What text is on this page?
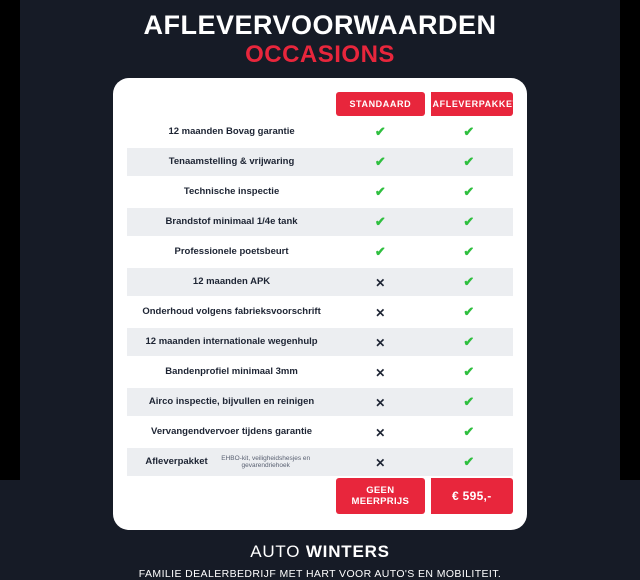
AFLEVERVOORWAARDEN
OCCASIONS
	STANDAARD	AFLEVERPAKKET
12 maanden Bovag garantie	✔	✔
Tenaamstelling & vrijwaring	✔	✔
Technische inspectie	✔	✔
Brandstof minimaal 1/4e tank	✔	✔
Professionele poetsbeurt	✔	✔
12 maanden APK	✕	✔
Onderhoud volgens fabrieksvoorschrift	✕	✔
12 maanden internationale wegenhulp	✕	✔
Bandenprofiel minimaal 3mm	✕	✔
Airco inspectie, bijvullen en reinigen	✕	✔
Vervangendvervoer tijdens garantie	✕	✔

Afleverpakket EHBO-kit, veiligheidshesjes en gevarendriehoek	✕	✔
	GEEN MEERPRIJS	€ 595,-
AUTO WINTERS
FAMILIE DEALERBEDRIJF MET HART VOOR AUTO'S EN MOBILITEIT.
